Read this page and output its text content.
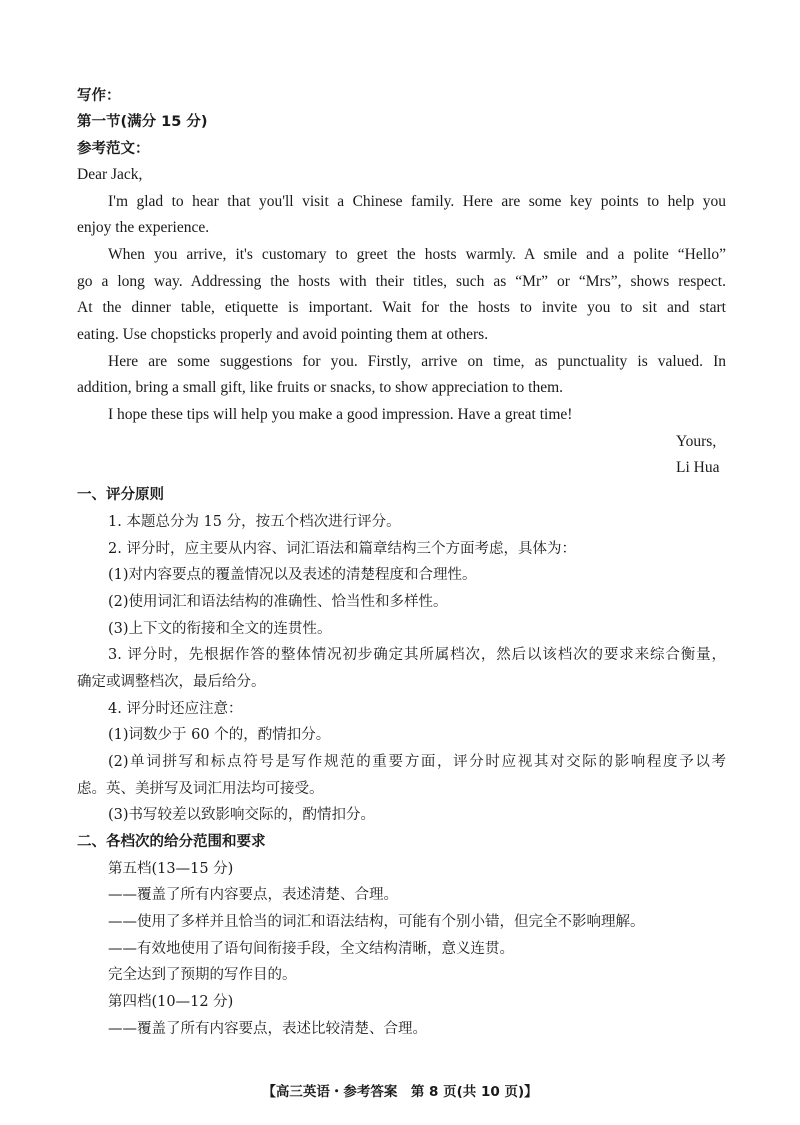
写作：
第一节(满分 15 分)
参考范文：
Dear Jack,
I'm glad to hear that you'll visit a Chinese family. Here are some key points to help you
enjoy the experience.
When you arrive, it's customary to greet the hosts warmly. A smile and a polite “Hello”
go a long way. Addressing the hosts with their titles, such as “Mr” or “Mrs”, shows respect.
At the dinner table, etiquette is important. Wait for the hosts to invite you to sit and start
eating. Use chopsticks properly and avoid pointing them at others.
Here are some suggestions for you. Firstly, arrive on time, as punctuality is valued. In
addition, bring a small gift, like fruits or snacks, to show appreciation to them.
I hope these tips will help you make a good impression. Have a great time!
Yours,
Li Hua
一、评分原则
1. 本题总分为 15 分，按五个档次进行评分。
2. 评分时，应主要从内容、词汇语法和篇章结构三个方面考虑，具体为：
(1)对内容要点的覆盖情况以及表述的清楚程度和合理性。
(2)使用词汇和语法结构的准确性、恰当性和多样性。
(3)上下文的衔接和全文的连贯性。
3. 评分时，先根据作答的整体情况初步确定其所属档次，然后以该档次的要求来综合衡量，
确定或调整档次，最后给分。
4. 评分时还应注意：
(1)词数少于 60 个的，酌情扣分。
(2)单词拼写和标点符号是写作规范的重要方面，评分时应视其对交际的影响程度予以考
虑。英、美拼写及词汇用法均可接受。
(3)书写较差以致影响交际的，酌情扣分。
二、各档次的给分范围和要求
第五档(13—15 分)
——覆盖了所有内容要点，表述清楚、合理。
——使用了多样并且恰当的词汇和语法结构，可能有个别小错，但完全不影响理解。
——有效地使用了语句间衔接手段，全文结构清晰，意义连贯。
完全达到了预期的写作目的。
第四档(10—12 分)
——覆盖了所有内容要点，表述比较清楚、合理。
【高三英语・参考答案　第 8 页(共 10 页)】
